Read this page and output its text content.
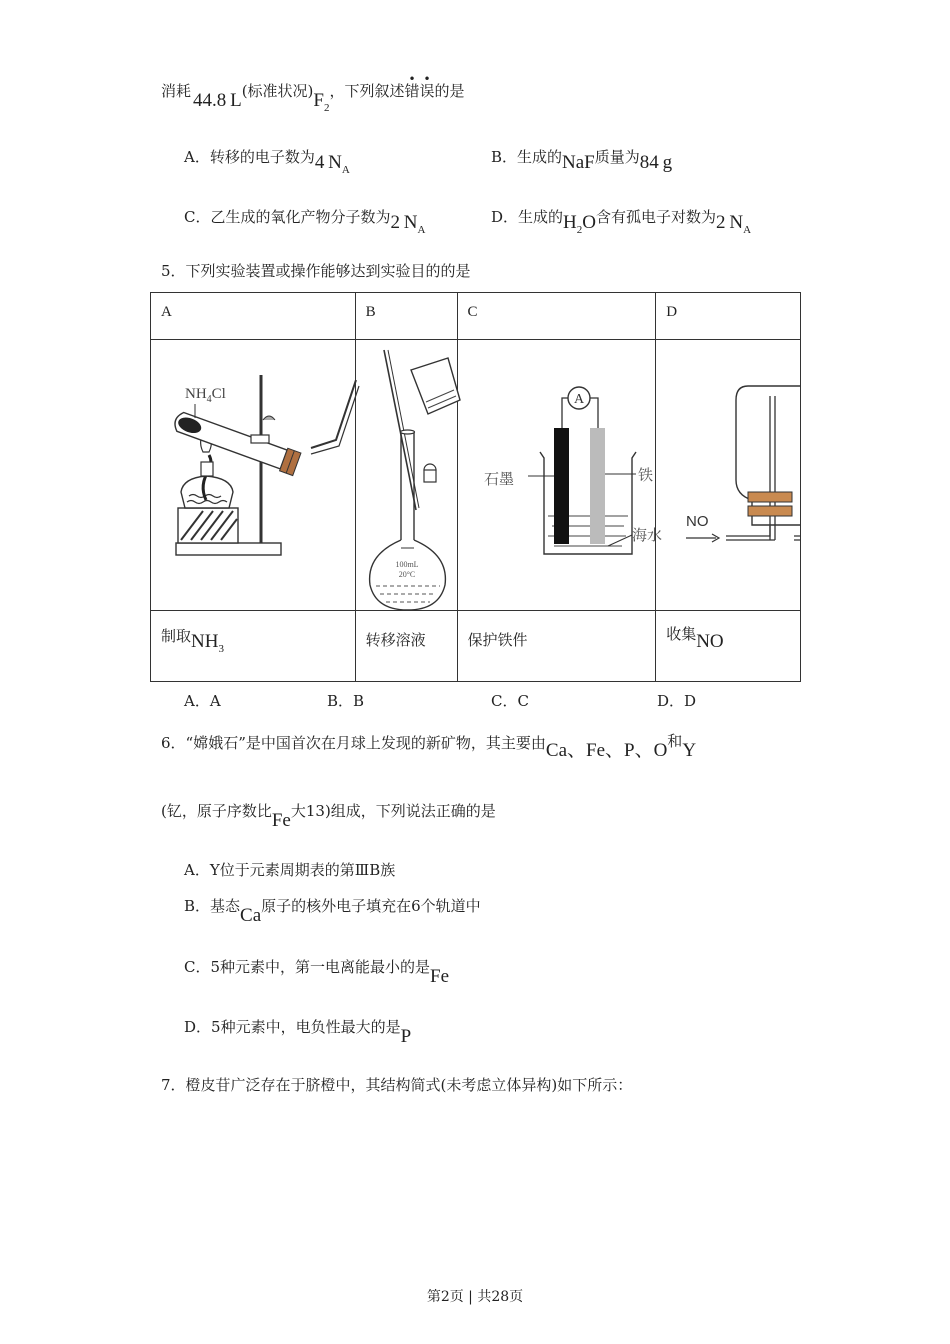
消耗 44.8  L(标准状况)$F_2$，下列叙述错误
• •
的是
A．转移的电子数为4  $N_A$
B．生成的NaF质量为84  g
C．乙生成的氧化产物分子数为2  $N_A$
D．生成的$H_2O$含有孤电子对数为2  $N_A$
5．下列实验装置或操作能够达到实验目的的是
A	B	C	D

$NH_4Cl$	100mL
20°C	A
石墨 铁
海水	NO

制取$NH_3$	转移溶液	保护铁件	收集NO
A．A	B．B	C．C	D．D
6．“嫦娥石”是中国首次在月球上发现的新矿物，其主要由Ca、Fe、P、O和Y
(钇，原子序数比Fe大13)组成，下列说法正确的是
A．Y位于元素周期表的第ⅢB族
B．基态Ca原子的核外电子填充在6个轨道中
C．5种元素中，第一电离能最小的是Fe
D．5种元素中，电负性最大的是P
7．橙皮苷广泛存在于脐橙中，其结构简式(未考虑立体异构)如下所示：
第2页 | 共28页
